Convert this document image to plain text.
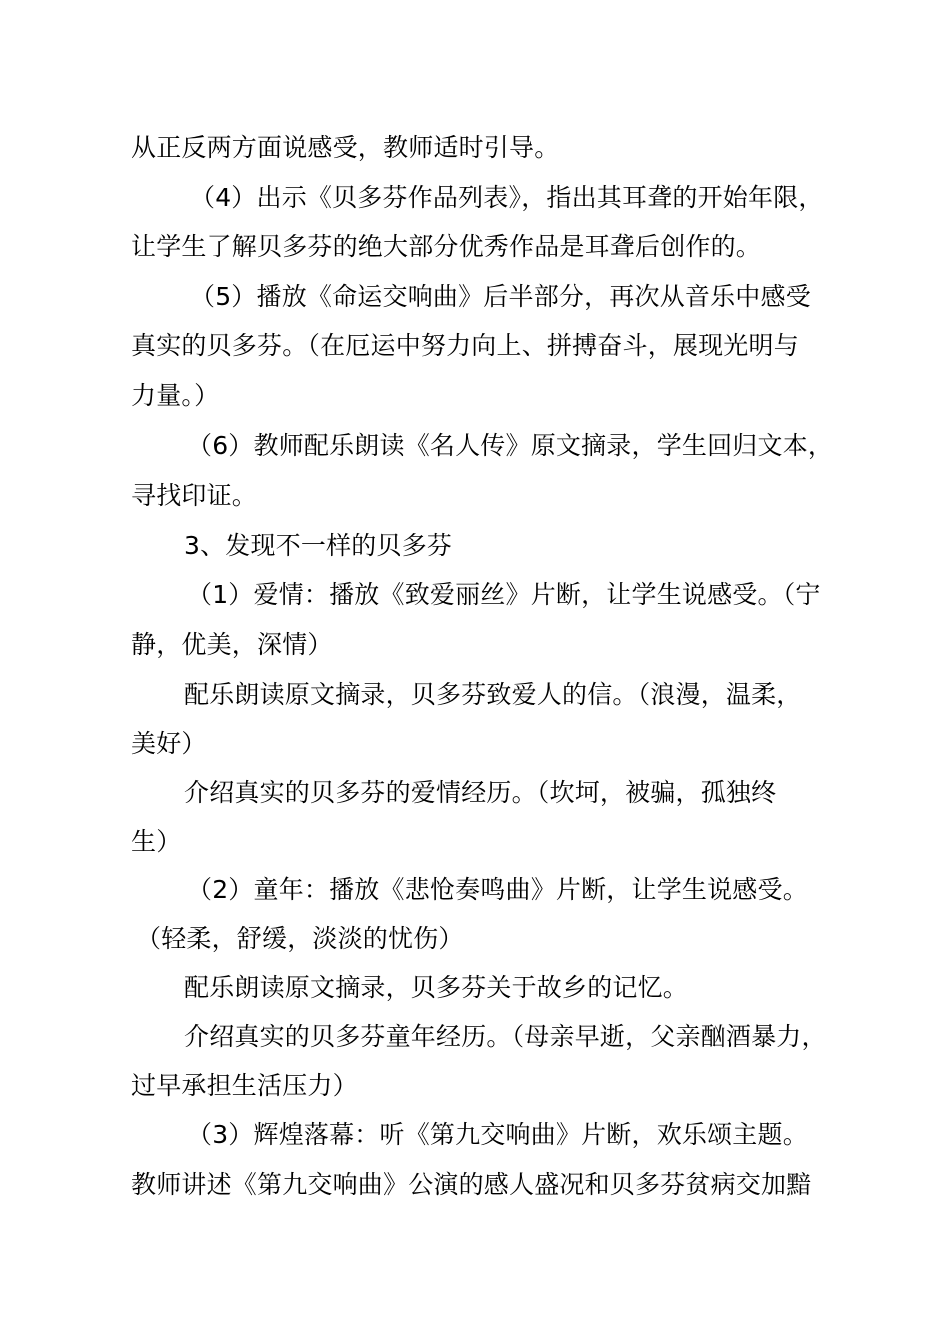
从正反两方面说感受，教师适时引导。
（4）出示《贝多芬作品列表》，指出其耳聋的开始年限，
让学生了解贝多芬的绝大部分优秀作品是耳聋后创作的。
（5）播放《命运交响曲》后半部分，再次从音乐中感受
真实的贝多芬。（在厄运中努力向上、拼搏奋斗，展现光明与
力量。）
（6）教师配乐朗读《名人传》原文摘录，学生回归文本，
寻找印证。
3、发现不一样的贝多芬
（1）爱情：播放《致爱丽丝》片断，让学生说感受。（宁
静，优美，深情）
配乐朗读原文摘录，贝多芬致爱人的信。（浪漫，温柔，
美好）
介绍真实的贝多芬的爱情经历。（坎坷，被骗，孤独终
生）
（2）童年：播放《悲怆奏鸣曲》片断，让学生说感受。
（轻柔，舒缓，淡淡的忧伤）
配乐朗读原文摘录，贝多芬关于故乡的记忆。
介绍真实的贝多芬童年经历。（母亲早逝，父亲酗酒暴力，
过早承担生活压力）
（3）辉煌落幕：听《第九交响曲》片断，欢乐颂主题。
教师讲述《第九交响曲》公演的感人盛况和贝多芬贫病交加黯
